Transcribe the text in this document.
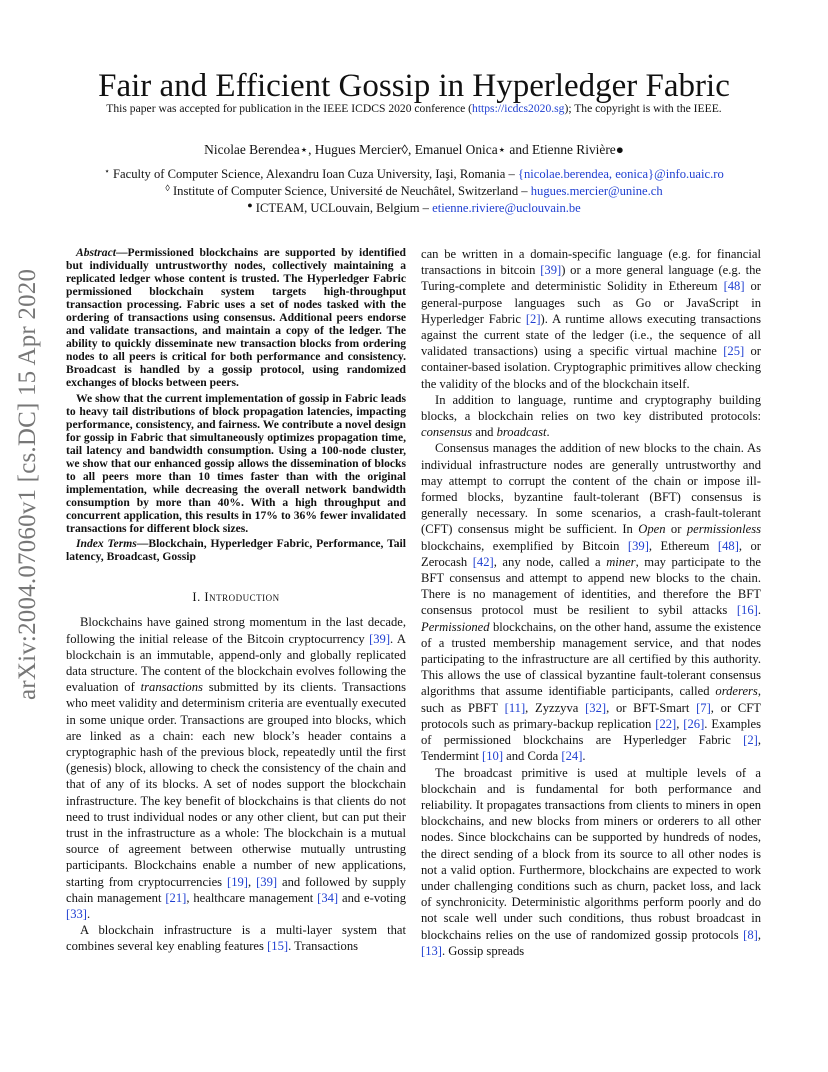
Fair and Efficient Gossip in Hyperledger Fabric
This paper was accepted for publication in the IEEE ICDCS 2020 conference (https://icdcs2020.sg); The copyright is with the IEEE.
Nicolae Berendea⋆, Hugues Mercier◊, Emanuel Onica⋆ and Etienne Rivière●
⋆ Faculty of Computer Science, Alexandru Ioan Cuza University, Iaşi, Romania – {nicolae.berendea, eonica}@info.uaic.ro
◊ Institute of Computer Science, Université de Neuchâtel, Switzerland – hugues.mercier@unine.ch
● ICTEAM, UCLouvain, Belgium – etienne.riviere@uclouvain.be
arXiv:2004.07060v1 [cs.DC] 15 Apr 2020

Abstract—Permissioned blockchains are supported by identified but individually untrustworthy nodes, collectively maintaining a replicated ledger whose content is trusted. The Hyperledger Fabric permissioned blockchain system targets high-throughput transaction processing. Fabric uses a set of nodes tasked with the ordering of transactions using consensus. Additional peers endorse and validate transactions, and maintain a copy of the ledger. The ability to quickly disseminate new transaction blocks from ordering nodes to all peers is critical for both performance and consistency. Broadcast is handled by a gossip protocol, using randomized exchanges of blocks between peers.

We show that the current implementation of gossip in Fabric leads to heavy tail distributions of block propagation latencies, impacting performance, consistency, and fairness. We contribute a novel design for gossip in Fabric that simultaneously optimizes propagation time, tail latency and bandwidth consumption. Using a 100-node cluster, we show that our enhanced gossip allows the dissemination of blocks to all peers more than 10 times faster than with the original implementation, while decreasing the overall network bandwidth consumption by more than 40%. With a high throughput and concurrent application, this results in 17% to 36% fewer invalidated transactions for different block sizes.

Index Terms—Blockchain, Hyperledger Fabric, Performance, Tail latency, Broadcast, Gossip

I. Introduction

Blockchains have gained strong momentum in the last decade, following the initial release of the Bitcoin cryptocurrency [39]. A blockchain is an immutable, append-only and globally replicated data structure. The content of the blockchain evolves following the evaluation of transactions submitted by its clients. Transactions who meet validity and determinism criteria are eventually executed in some unique order. Transactions are grouped into blocks, which are linked as a chain: each new block’s header contains a cryptographic hash of the previous block, repeatedly until the first (genesis) block, allowing to check the consistency of the chain and that of any of its blocks. A set of nodes support the blockchain infrastructure. The key benefit of blockchains is that clients do not need to trust individual nodes or any other client, but can put their trust in the infrastructure as a whole: The blockchain is a mutual source of agreement between otherwise mutually untrusting participants. Blockchains enable a number of new applications, starting from cryptocurrencies [19], [39] and followed by supply chain management [21], healthcare management [34] and e-voting [33].

A blockchain infrastructure is a multi-layer system that combines several key enabling features [15]. Transactions

can be written in a domain-specific language (e.g. for financial transactions in bitcoin [39]) or a more general language (e.g. the Turing-complete and deterministic Solidity in Ethereum [48] or general-purpose languages such as Go or JavaScript in Hyperledger Fabric [2]). A runtime allows executing transactions against the current state of the ledger (i.e., the sequence of all validated transactions) using a specific virtual machine [25] or container-based isolation. Cryptographic primitives allow checking the validity of the blocks and of the blockchain itself.

In addition to language, runtime and cryptography building blocks, a blockchain relies on two key distributed protocols: consensus and broadcast.

Consensus manages the addition of new blocks to the chain. As individual infrastructure nodes are generally untrustworthy and may attempt to corrupt the content of the chain or impose ill-formed blocks, byzantine fault-tolerant (BFT) consensus is generally necessary. In some scenarios, a crash-fault-tolerant (CFT) consensus might be sufficient. In Open or permissionless blockchains, exemplified by Bitcoin [39], Ethereum [48], or Zerocash [42], any node, called a miner, may participate to the BFT consensus and attempt to append new blocks to the chain. There is no management of identities, and therefore the BFT consensus protocol must be resilient to sybil attacks [16]. Permissioned blockchains, on the other hand, assume the existence of a trusted membership management service, and that nodes participating to the infrastructure are all certified by this authority. This allows the use of classical byzantine fault-tolerant consensus algorithms that assume identifiable participants, called orderers, such as PBFT [11], Zyzzyva [32], or BFT-Smart [7], or CFT protocols such as primary-backup replication [22], [26]. Examples of permissioned blockchains are Hyperledger Fabric [2], Tendermint [10] and Corda [24].

The broadcast primitive is used at multiple levels of a blockchain and is fundamental for both performance and reliability. It propagates transactions from clients to miners in open blockchains, and new blocks from miners or orderers to all other nodes. Since blockchains can be supported by hundreds of nodes, the direct sending of a block from its source to all other nodes is not a valid option. Furthermore, blockchains are expected to work under challenging conditions such as churn, packet loss, and lack of synchronicity. Deterministic algorithms perform poorly and do not scale well under such conditions, thus robust broadcast in blockchains relies on the use of randomized gossip protocols [8], [13]. Gossip spreads
